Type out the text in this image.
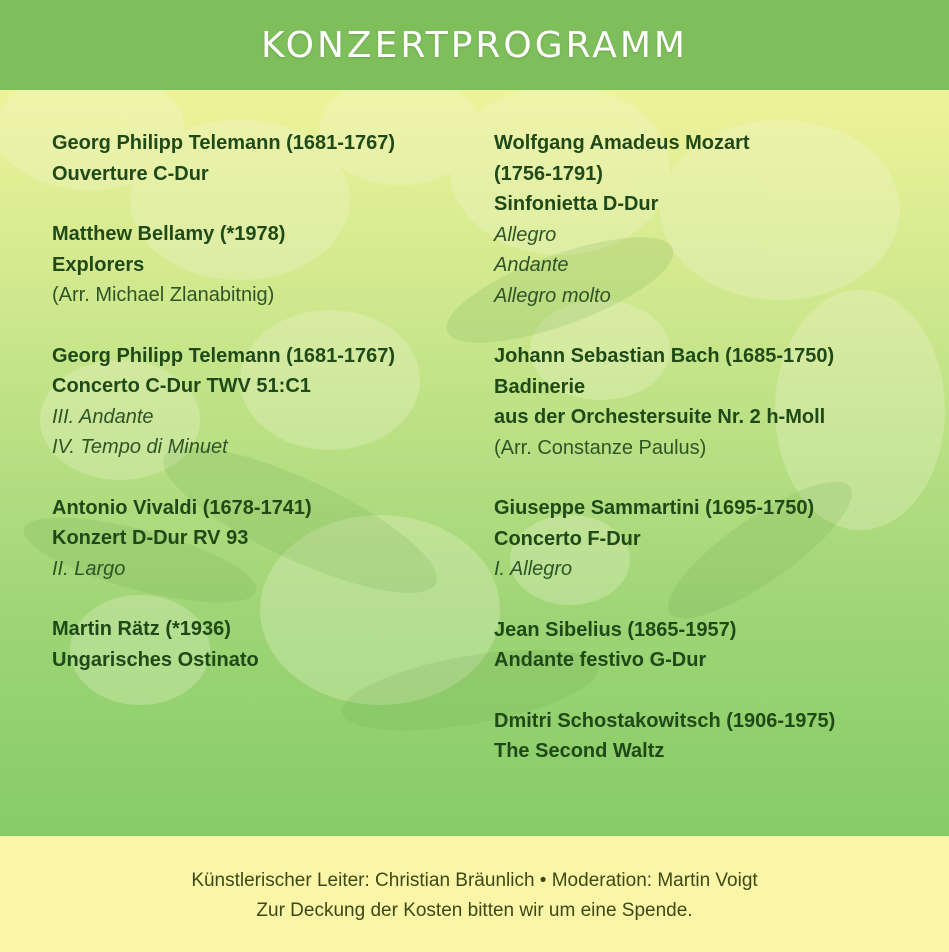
KONZERTPROGRAMM
Georg Philipp Telemann (1681-1767)
Ouverture C-Dur
Matthew Bellamy (*1978)
Explorers
(Arr. Michael Zlanabitnig)
Georg Philipp Telemann (1681-1767)
Concerto C-Dur TWV 51:C1
III. Andante
IV. Tempo di Minuet
Antonio Vivaldi (1678-1741)
Konzert D-Dur RV 93
II. Largo
Martin Rätz (*1936)
Ungarisches Ostinato
Wolfgang Amadeus Mozart
(1756-1791)
Sinfonietta D-Dur
Allegro
Andante
Allegro molto
Johann Sebastian Bach (1685-1750)
Badinerie
aus der Orchestersuite Nr. 2 h-Moll
(Arr. Constanze Paulus)
Giuseppe Sammartini (1695-1750)
Concerto F-Dur
I. Allegro
Jean Sibelius (1865-1957)
Andante festivo G-Dur
Dmitri Schostakowitsch (1906-1975)
The Second Waltz
Künstlerischer Leiter: Christian Bräunlich • Moderation: Martin Voigt
Zur Deckung der Kosten bitten wir um eine Spende.
